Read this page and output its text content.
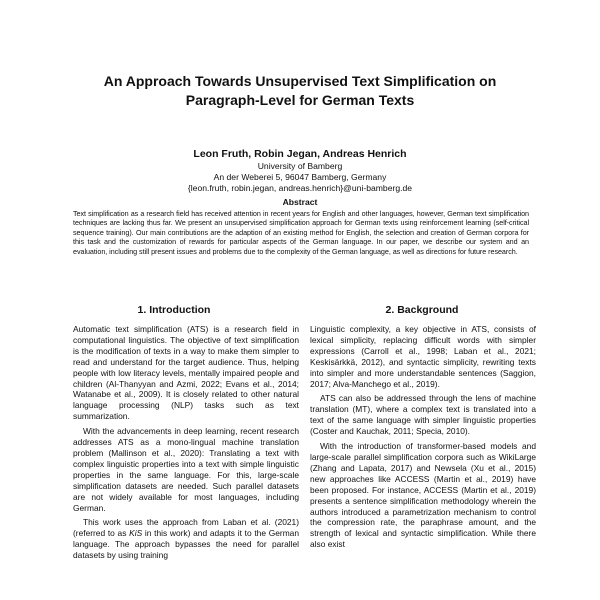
An Approach Towards Unsupervised Text Simplification on
Paragraph-Level for German Texts
Leon Fruth, Robin Jegan, Andreas Henrich
University of Bamberg
An der Weberei 5, 96047 Bamberg, Germany
{leon.fruth, robin.jegan, andreas.henrich}@uni-bamberg.de
Abstract

Text simplification as a research field has received attention in recent years for English and other languages, however, German text simplification techniques are lacking thus far. We present an unsupervised simplification approach for German texts using reinforcement learning (self-critical sequence training). Our main contributions are the adaption of an existing method for English, the selection and creation of German corpora for this task and the customization of rewards for particular aspects of the German language. In our paper, we describe our system and an evaluation, including still present issues and problems due to the complexity of the German language, as well as directions for future research.

1. Introduction	2. Background

Automatic text simplification (ATS) is a research field in computational linguistics. The objective of text simplification is the modification of texts in a way to make them simpler to read and understand for the target audience. Thus, helping people with low literacy levels, mentally impaired people and children (Al-Thanyyan and Azmi, 2022; Evans et al., 2014; Watanabe et al., 2009). It is closely related to other natural language processing (NLP) tasks such as text summarization.

With the advancements in deep learning, recent research addresses ATS as a mono-lingual machine translation problem (Mallinson et al., 2020): Translating a text with complex linguistic properties into a text with simple linguistic properties in the same language. For this, large-scale simplification datasets are needed. Such parallel datasets are not widely available for most languages, including German.

This work uses the approach from Laban et al. (2021) (referred to as KiS in this work) and adapts it to the German language. The approach bypasses the need for parallel datasets by using training

Linguistic complexity, a key objective in ATS, consists of lexical simplicity, replacing difficult words with simpler expressions (Carroll et al., 1998; Laban et al., 2021; Keskisärkkä, 2012), and syntactic simplicity, rewriting texts into simpler and more understandable sentences (Saggion, 2017; Alva-Manchego et al., 2019).

ATS can also be addressed through the lens of machine translation (MT), where a complex text is translated into a text of the same language with simpler linguistic properties (Coster and Kauchak, 2011; Specia, 2010).

With the introduction of transformer-based models and large-scale parallel simplification corpora such as WikiLarge (Zhang and Lapata, 2017) and Newsela (Xu et al., 2015) new approaches like ACCESS (Martin et al., 2019) have been proposed. For instance, ACCESS (Martin et al., 2019) presents a sentence simplification methodology wherein the authors introduced a parametrization mechanism to control the compression rate, the paraphrase amount, and the strength of lexical and syntactic simplification. While there also exist
